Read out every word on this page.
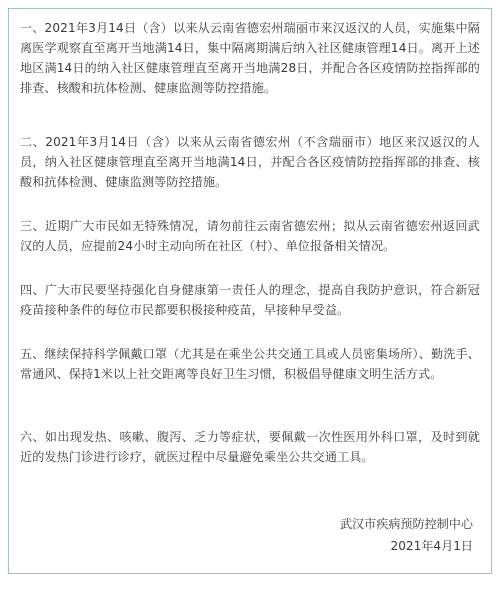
一、2021年3月14日（含）以来从云南省德宏州瑞丽市来汉返汉的人员，实施集中隔离医学观察直至离开当地满14日，集中隔离期满后纳入社区健康管理14日。离开上述地区满14日的纳入社区健康管理直至离开当地满28日，并配合各区疫情防控指挥部的排查、核酸和抗体检测、健康监测等防控措施。

二、2021年3月14日（含）以来从云南省德宏州（不含瑞丽市）地区来汉返汉的人员，纳入社区健康管理直至离开当地满14日，并配合各区疫情防控指挥部的排查、核酸和抗体检测、健康监测等防控措施。

三、近期广大市民如无特殊情况，请勿前往云南省德宏州；拟从云南省德宏州返回武汉的人员，应提前24小时主动向所在社区（村）、单位报备相关情况。

四、广大市民要坚持强化自身健康第一责任人的理念，提高自我防护意识，符合新冠疫苗接种条件的每位市民都要积极接种疫苗，早接种早受益。

五、继续保持科学佩戴口罩（尤其是在乘坐公共交通工具或人员密集场所）、勤洗手、常通风、保持1米以上社交距离等良好卫生习惯，积极倡导健康文明生活方式。

六、如出现发热、咳嗽、腹泻、乏力等症状，要佩戴一次性医用外科口罩，及时到就近的发热门诊进行诊疗，就医过程中尽量避免乘坐公共交通工具。

武汉市疾病预防控制中心
2021年4月1日
